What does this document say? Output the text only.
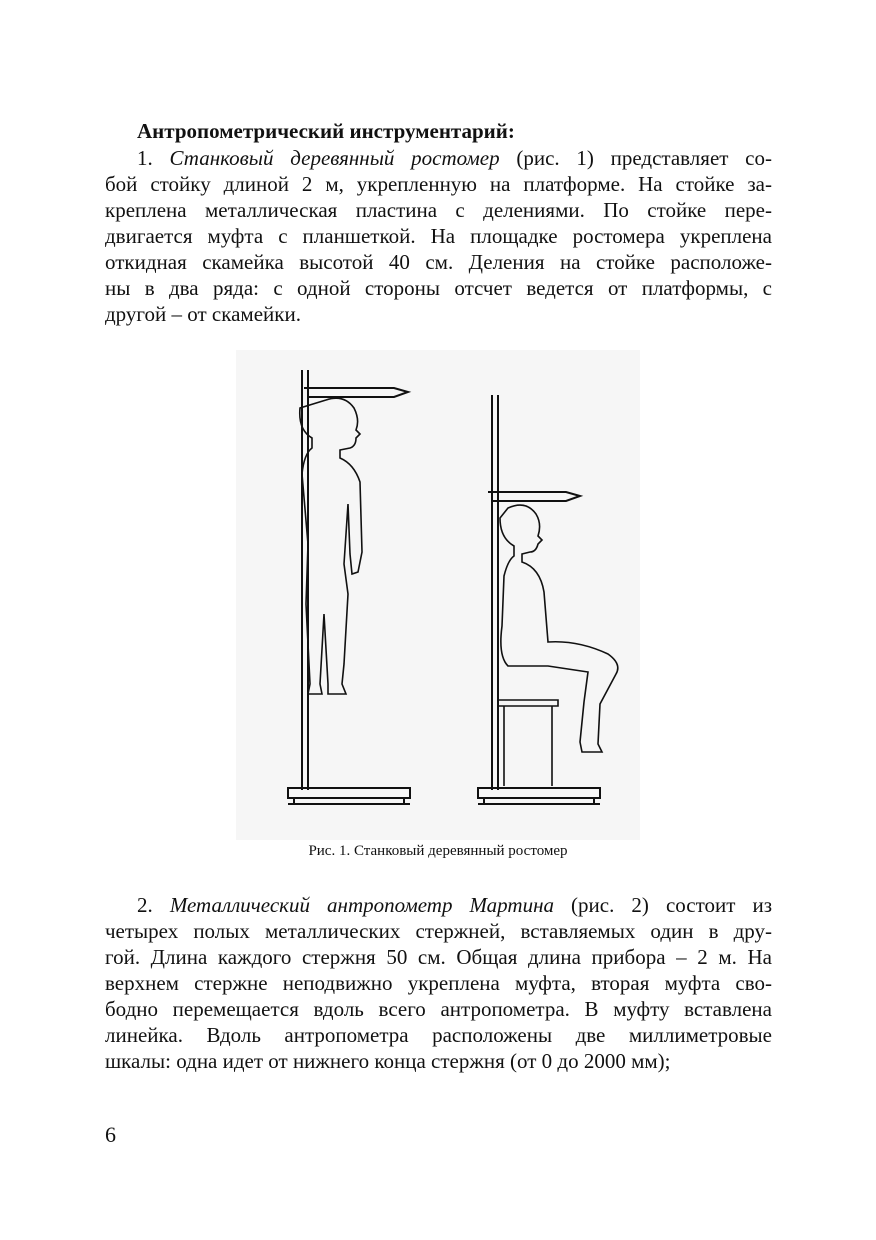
Антропометрический инструментарий:
1. Станковый деревянный ростомер (рис. 1) представляет со-
бой стойку длиной 2 м, укрепленную на платформе. На стойке за-
креплена металлическая пластина с делениями. По стойке пере-
двигается муфта с планшеткой. На площадке ростомера укреплена
откидная скамейка высотой 40 см. Деления на стойке расположе-
ны в два ряда: с одной стороны отсчет ведется от платформы, с
другой – от скамейки.
Рис. 1. Станковый деревянный ростомер
2. Металлический антропометр Мартина (рис. 2) состоит из
четырех полых металлических стержней, вставляемых один в дру-
гой. Длина каждого стержня 50 см. Общая длина прибора – 2 м. На
верхнем стержне неподвижно укреплена муфта, вторая муфта сво-
бодно перемещается вдоль всего антропометра. В муфту вставлена
линейка. Вдоль антропометра расположены две миллиметровые
шкалы: одна идет от нижнего конца стержня (от 0 до 2000 мм);
6
